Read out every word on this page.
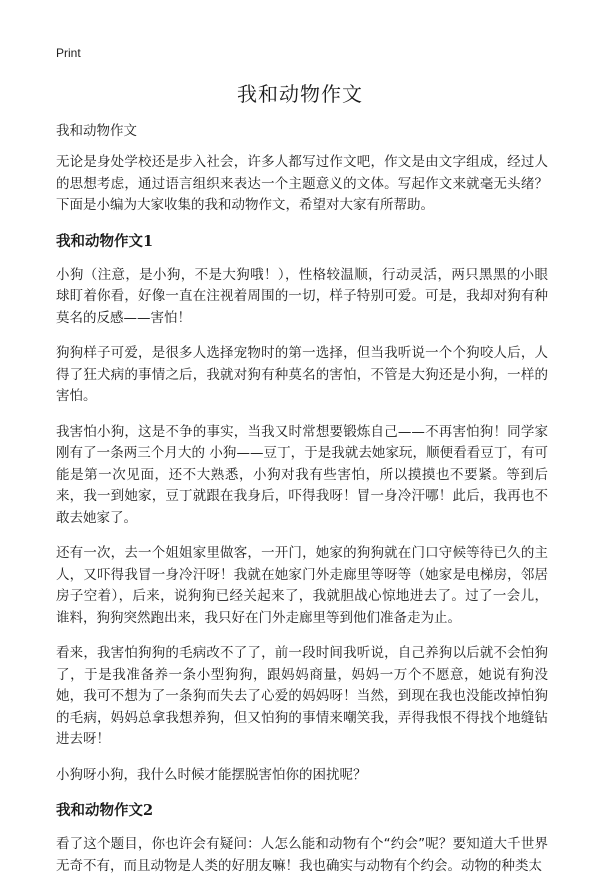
Print
我和动物作文
我和动物作文

无论是身处学校还是步入社会，许多人都写过作文吧，作文是由文字组成，经过人的思想考虑，通过语言组织来表达一个主题意义的文体。写起作文来就毫无头绪？下面是小编为大家收集的我和动物作文，希望对大家有所帮助。

我和动物作文1

小狗（注意，是小狗，不是大狗哦！），性格较温顺，行动灵活，两只黑黑的小眼球盯着你看，好像一直在注视着周围的一切，样子特别可爱。可是，我却对狗有种莫名的反感——害怕！

狗狗样子可爱，是很多人选择宠物时的第一选择，但当我听说一个个狗咬人后，人得了狂犬病的事情之后，我就对狗有种莫名的害怕，不管是大狗还是小狗，一样的害怕。

我害怕小狗，这是不争的事实，当我又时常想要锻炼自己——不再害怕狗！同学家刚有了一条两三个月大的 小狗——豆丁，于是我就去她家玩，顺便看看豆丁，有可能是第一次见面，还不大熟悉，小狗对我有些害怕，所以摸摸也不要紧。等到后来，我一到她家，豆丁就跟在我身后，吓得我呀！冒一身冷汗哪！此后，我再也不敢去她家了。

还有一次，去一个姐姐家里做客，一开门，她家的狗狗就在门口守候等待已久的主人，又吓得我冒一身冷汗呀！我就在她家门外走廊里等呀等（她家是电梯房，邻居房子空着），后来，说狗狗已经关起来了，我就胆战心惊地进去了。过了一会儿，谁料，狗狗突然跑出来，我只好在门外走廊里等到他们准备走为止。

看来，我害怕狗狗的毛病改不了了，前一段时间我听说，自己养狗以后就不会怕狗了，于是我准备养一条小型狗狗，跟妈妈商量，妈妈一万个不愿意，她说有狗没她，我可不想为了一条狗而失去了心爱的妈妈呀！当然，到现在我也没能改掉怕狗的毛病，妈妈总拿我想养狗，但又怕狗的事情来嘲笑我，弄得我恨不得找个地缝钻进去呀！

小狗呀小狗，我什么时候才能摆脱害怕你的困扰呢？

我和动物作文2

看了这个题目，你也许会有疑问：人怎么能和动物有个“约会”呢？要知道大千世界无奇不有，而且动物是人类的好朋友嘛！我也确实与动物有个约会。动物的种类太
